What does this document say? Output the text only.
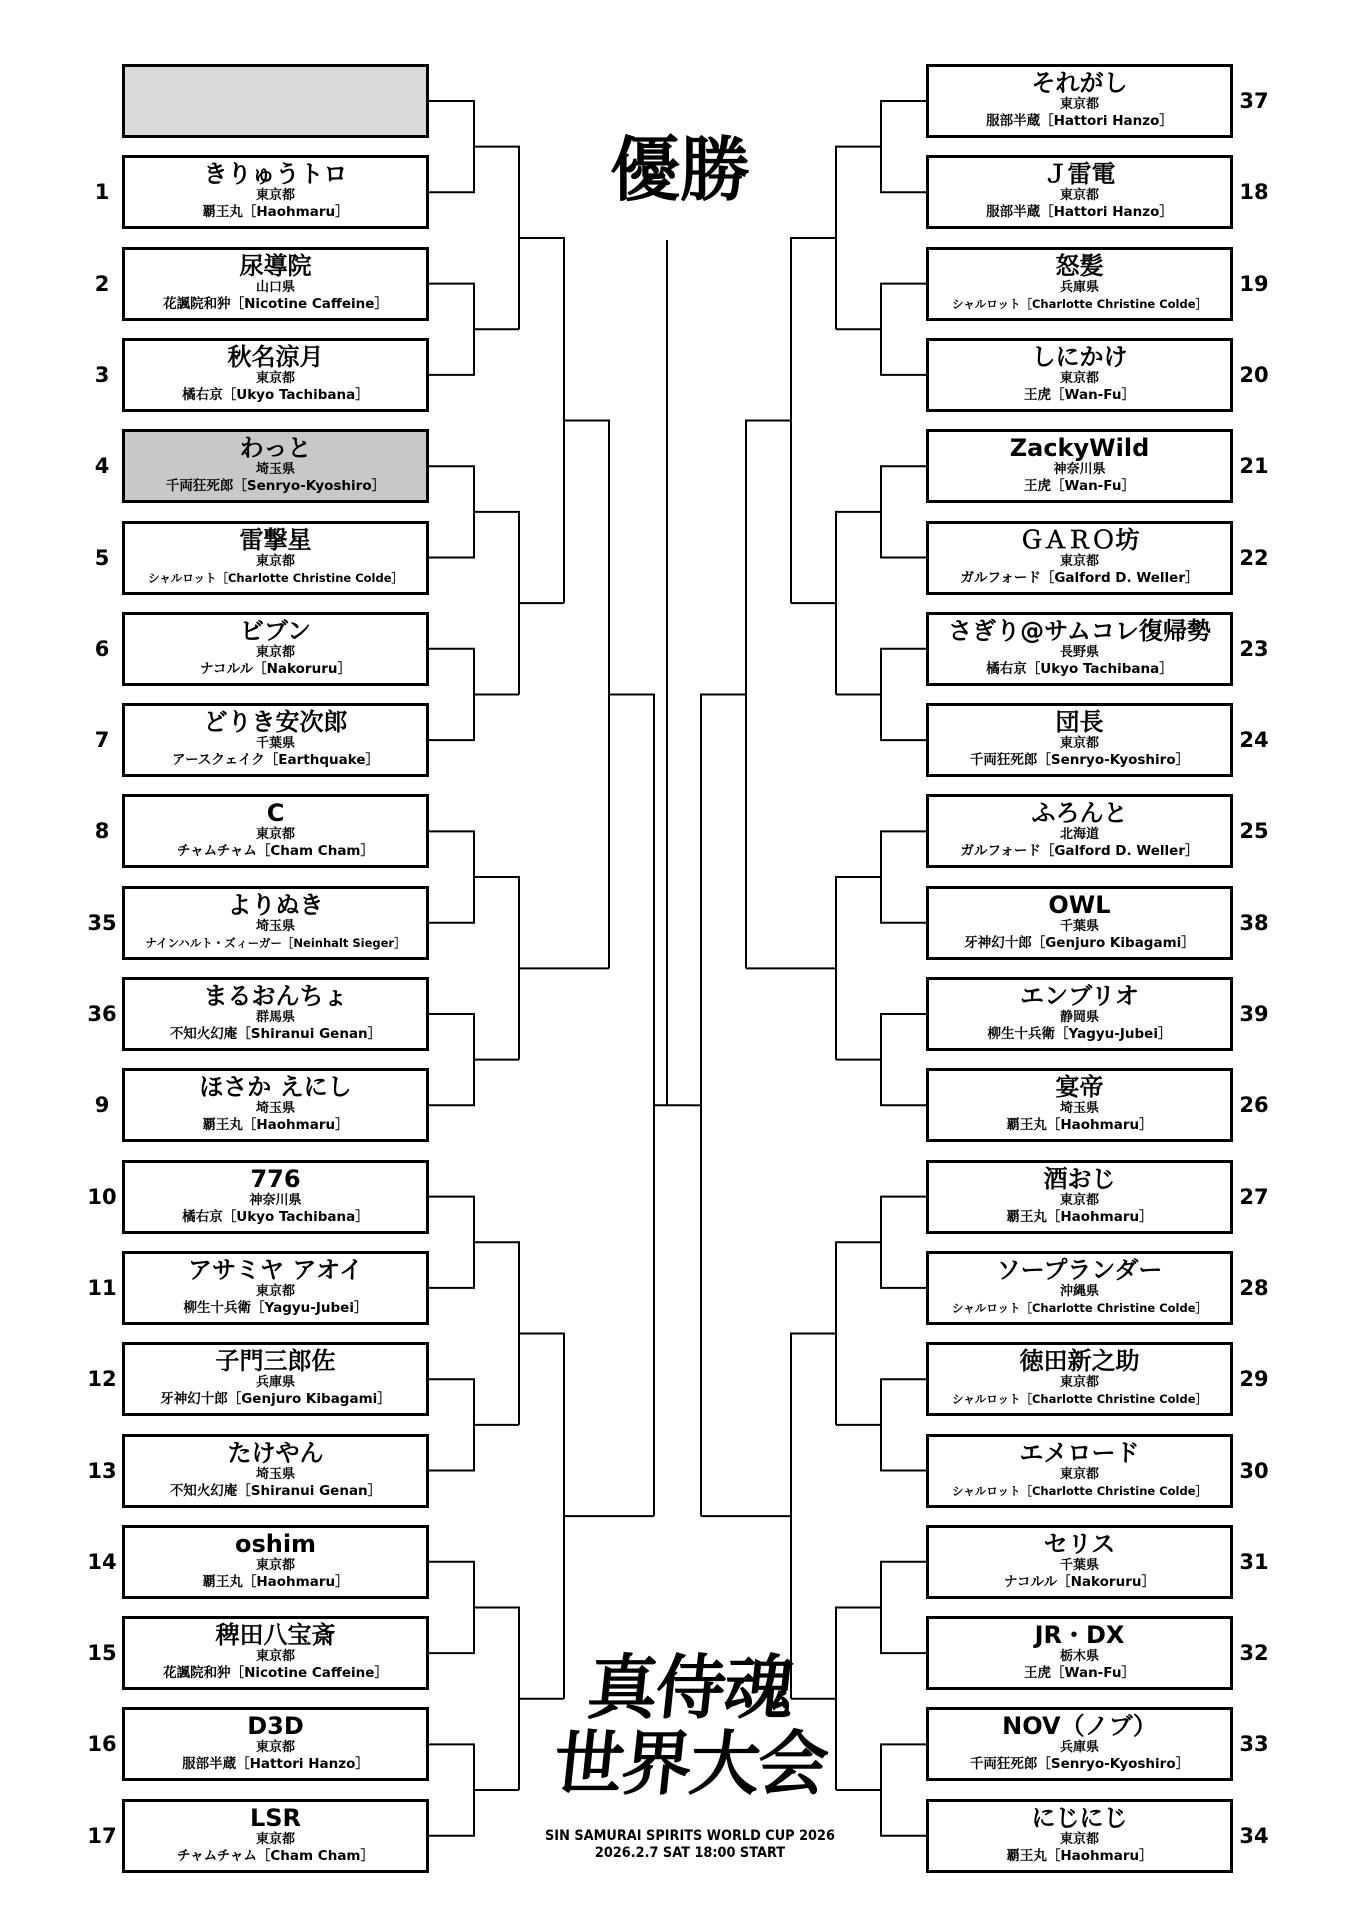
きりゅうトロ
東京都
覇王丸［Haohmaru］
1
尿導院
山口県
花諷院和狆［Nicotine Caffeine］
2
秋名涼月
東京都
橘右京［Ukyo Tachibana］
3
わっと
埼玉県
千両狂死郎［Senryo-Kyoshiro］
4
雷撃星
東京都
シャルロット［Charlotte Christine Colde］
5
ビブン
東京都
ナコルル［Nakoruru］
6
どりき安次郎
千葉県
アースクェイク［Earthquake］
7
C
東京都
チャムチャム［Cham Cham］
8
よりぬき
埼玉県
ナインハルト・ズィーガー［Neinhalt Sieger］
35
まるおんちょ
群馬県
不知火幻庵［Shiranui Genan］
36
ほさか えにし
埼玉県
覇王丸［Haohmaru］
9
776
神奈川県
橘右京［Ukyo Tachibana］
10
アサミヤ アオイ
東京都
柳生十兵衛［Yagyu-Jubei］
11
子門三郎佐
兵庫県
牙神幻十郎［Genjuro Kibagami］
12
たけやん
埼玉県
不知火幻庵［Shiranui Genan］
13
oshim
東京都
覇王丸［Haohmaru］
14
稗田八宝斎
東京都
花諷院和狆［Nicotine Caffeine］
15
D3D
東京都
服部半蔵［Hattori Hanzo］
16
LSR
東京都
チャムチャム［Cham Cham］
17
それがし
東京都
服部半蔵［Hattori Hanzo］
37
Ｊ雷電
東京都
服部半蔵［Hattori Hanzo］
18
怒髪
兵庫県
シャルロット［Charlotte Christine Colde］
19
しにかけ
東京都
王虎［Wan-Fu］
20
ZackyWild
神奈川県
王虎［Wan-Fu］
21
ＧＡＲＯ坊
東京都
ガルフォード［Galford D. Weller］
22
さぎり@サムコレ復帰勢
長野県
橘右京［Ukyo Tachibana］
23
団長
東京都
千両狂死郎［Senryo-Kyoshiro］
24
ふろんと
北海道
ガルフォード［Galford D. Weller］
25
OWL
千葉県
牙神幻十郎［Genjuro Kibagami］
38
エンブリオ
静岡県
柳生十兵衛［Yagyu-Jubei］
39
宴帝
埼玉県
覇王丸［Haohmaru］
26
酒おじ
東京都
覇王丸［Haohmaru］
27
ソープランダー
沖縄県
シャルロット［Charlotte Christine Colde］
28
徳田新之助
東京都
シャルロット［Charlotte Christine Colde］
29
エメロード
東京都
シャルロット［Charlotte Christine Colde］
30
セリス
千葉県
ナコルル［Nakoruru］
31
JR・DX
栃木県
王虎［Wan-Fu］
32
NOV（ノブ）
兵庫県
千両狂死郎［Senryo-Kyoshiro］
33
にじにじ
東京都
覇王丸［Haohmaru］
34
優勝
真侍魂
世界大会
SIN SAMURAI SPIRITS WORLD CUP 2026
2026.2.7 SAT 18:00 START
